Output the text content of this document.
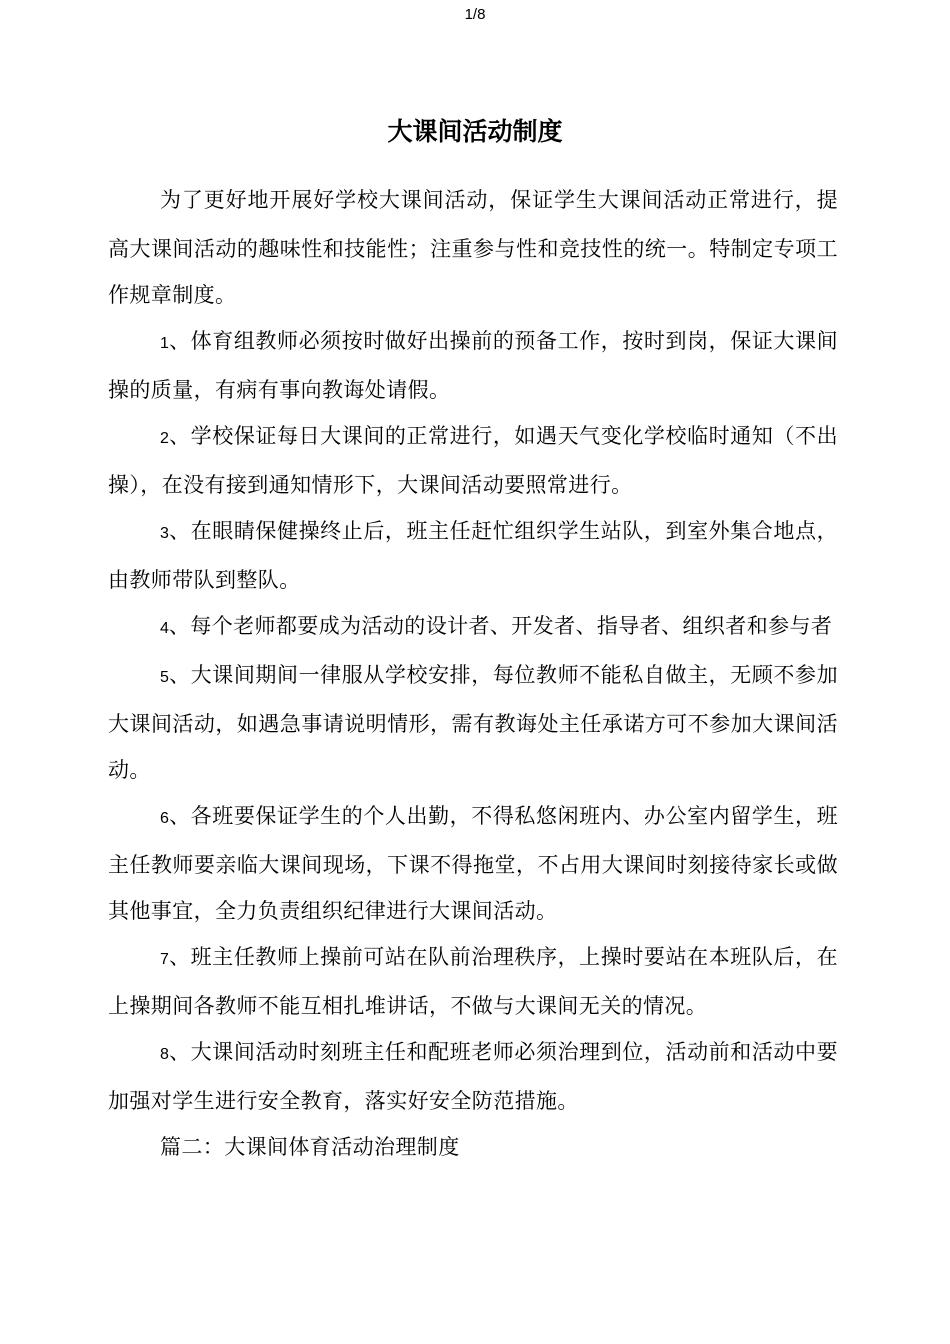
1/8
大课间活动制度

为了更好地开展好学校大课间活动，保证学生大课间活动正常进行，提高大课间活动的趣味性和技能性；注重参与性和竞技性的统一。特制定专项工作规章制度。

1、体育组教师必须按时做好出操前的预备工作，按时到岗，保证大课间操的质量，有病有事向教诲处请假。

2、学校保证每日大课间的正常进行，如遇天气变化学校临时通知（不出操），在没有接到通知情形下，大课间活动要照常进行。

3、在眼睛保健操终止后，班主任赶忙组织学生站队，到室外集合地点，由教师带队到整队。

4、每个老师都要成为活动的设计者、开发者、指导者、组织者和参与者

5、大课间期间一律服从学校安排，每位教师不能私自做主，无顾不参加大课间活动，如遇急事请说明情形，需有教诲处主任承诺方可不参加大课间活动。

6、各班要保证学生的个人出勤，不得私悠闲班内、办公室内留学生，班主任教师要亲临大课间现场，下课不得拖堂，不占用大课间时刻接待家长或做其他事宜，全力负责组织纪律进行大课间活动。

7、班主任教师上操前可站在队前治理秩序，上操时要站在本班队后，在上操期间各教师不能互相扎堆讲话，不做与大课间无关的情况。

8、大课间活动时刻班主任和配班老师必须治理到位，活动前和活动中要加强对学生进行安全教育，落实好安全防范措施。

篇二：大课间体育活动治理制度
